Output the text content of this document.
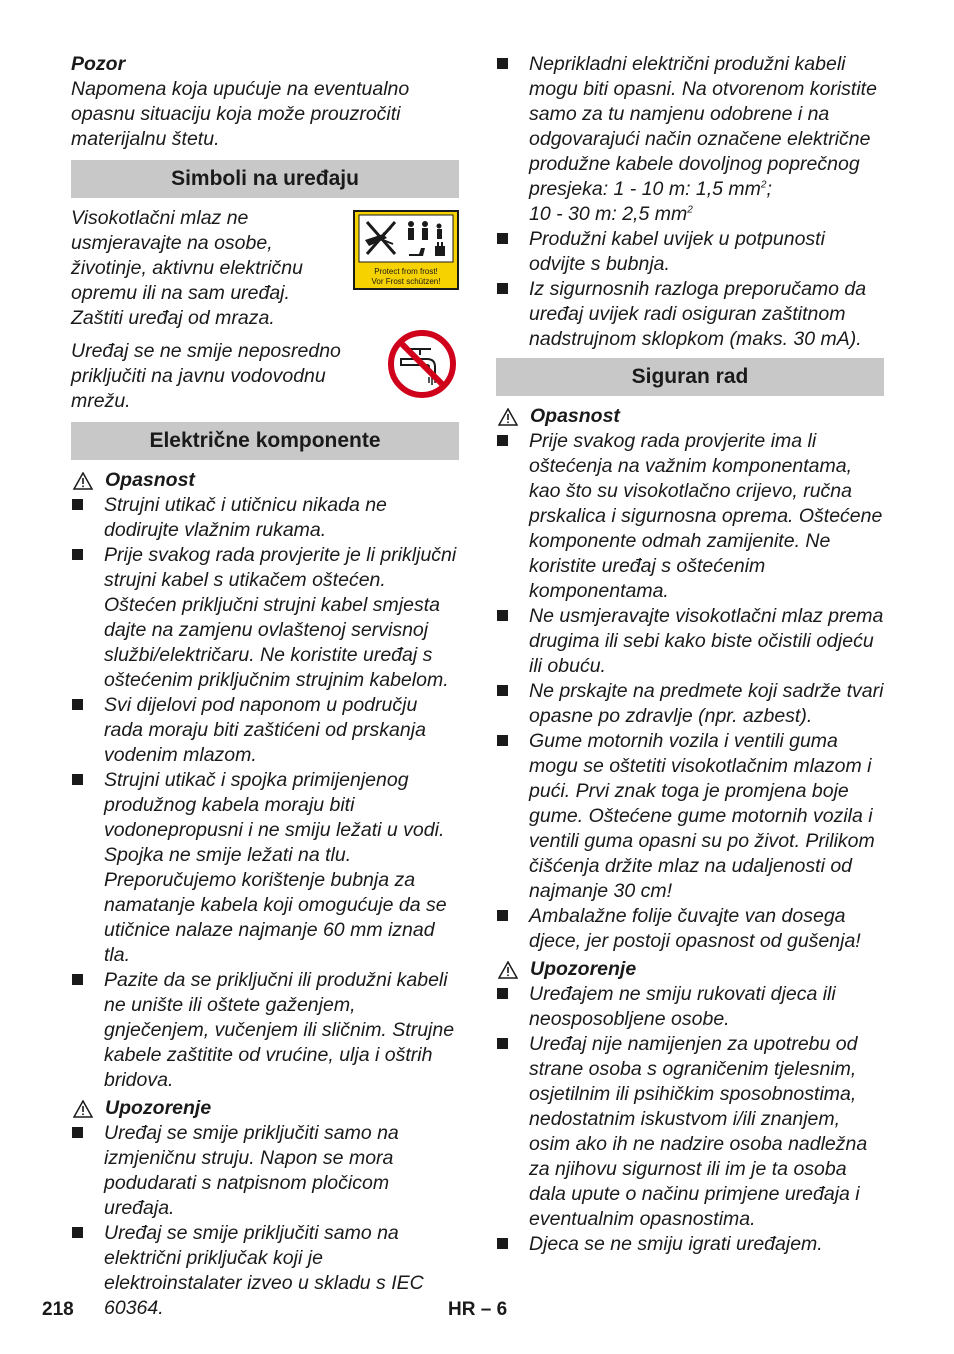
Pozor

Napomena koja upućuje na eventualno opasnu situaciju koja može prouzročiti materijalnu štetu.

Simboli na uređaju

Visokotlačni mlaz ne usmjeravajte na osobe, životinje, aktivnu električnu opremu ili na sam uređaj.

Protect from frost!
Vor Frost schützen!

Zaštiti uređaj od mraza.

Uređaj se ne smije neposredno priključiti na javnu vodovodnu mrežu.

Električne komponente
Opasnost
Strujni utikač i utičnicu nikada ne dodirujte vlažnim rukama.
Prije svakog rada provjerite je li priključni strujni kabel s utikačem oštećen. Oštećen priključni strujni kabel smjesta dajte na zamjenu ovlaštenoj servisnoj službi/električaru. Ne koristite uređaj s oštećenim priključnim strujnim kabelom.
Svi dijelovi pod naponom u području rada moraju biti zaštićeni od prskanja vodenim mlazom.
Strujni utikač i spojka primijenjenog produžnog kabela moraju biti vodonepropusni i ne smiju ležati u vodi. Spojka ne smije ležati na tlu. Preporučujemo korištenje bubnja za namatanje kabela koji omogućuje da se utičnice nalaze najmanje 60 mm iznad tla.
Pazite da se priključni ili produžni kabeli ne unište ili oštete gaženjem, gnječenjem, vučenjem ili sličnim. Strujne kabele zaštitite od vrućine, ulja i oštrih bridova.
Upozorenje
Uređaj se smije priključiti samo na izmjeničnu struju. Napon se mora podudarati s natpisnom pločicom uređaja.
Uređaj se smije priključiti samo na električni priključak koji je elektroinstalater izveo u skladu s IEC 60364.
Neprikladni električni produžni kabeli mogu biti opasni. Na otvorenom koristite samo za tu namjenu odobrene i na odgovarajući način označene električne produžne kabele dovoljnog poprečnog presjeka: 1 - 10 m: 1,5 $mm^2$;
10 - 30 m: 2,5 $mm^2$
Produžni kabel uvijek u potpunosti odvijte s bubnja.
Iz sigurnosnih razloga preporučamo da uređaj uvijek radi osiguran zaštitnom nadstrujnom sklopkom (maks. 30 mA).
Siguran rad
Opasnost
Prije svakog rada provjerite ima li oštećenja na važnim komponentama, kao što su visokotlačno crijevo, ručna prskalica i sigurnosna oprema. Oštećene komponente odmah zamijenite. Ne koristite uređaj s oštećenim komponentama.
Ne usmjeravajte visokotlačni mlaz prema drugima ili sebi kako biste očistili odjeću ili obuću.
Ne prskajte na predmete koji sadrže tvari opasne po zdravlje (npr. azbest).
Gume motornih vozila i ventili guma mogu se oštetiti visokotlačnim mlazom i pući. Prvi znak toga je promjena boje gume. Oštećene gume motornih vozila i ventili guma opasni su po život. Prilikom čišćenja držite mlaz na udaljenosti od najmanje 30 cm!
Ambalažne folije čuvajte van dosega djece, jer postoji opasnost od gušenja!
Upozorenje
Uređajem ne smiju rukovati djeca ili neosposobljene osobe.
Uređaj nije namijenjen za upotrebu od strane osoba s ograničenim tjelesnim, osjetilnim ili psihičkim sposobnostima, nedostatnim iskustvom i/ili znanjem, osim ako ih ne nadzire osoba nadležna za njihovu sigurnost ili im je ta osoba dala upute o načinu primjene uređaja i eventualnim opasnostima.
Djeca se ne smiju igrati uređajem.
218	HR – 6
